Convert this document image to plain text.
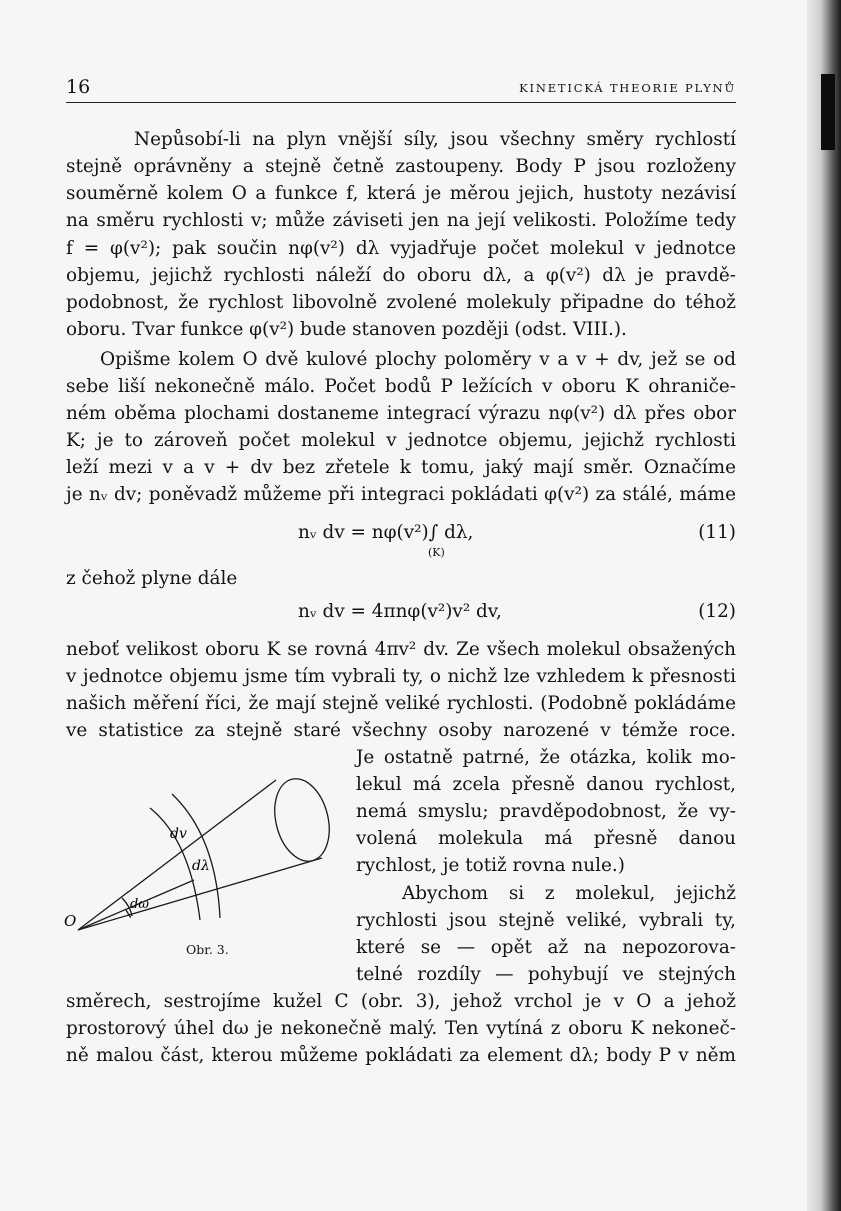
16	KINETICKÁ THEORIE PLYNŮ
Nepůsobí-li na plyn vnější síly, jsou všechny směry rychlostí
stejně oprávněny a stejně četně zastoupeny. Body P jsou rozloženy
souměrně kolem O a funkce f, která je měrou jejich, hustoty nezávisí
na směru rychlosti v; může záviseti jen na její velikosti. Položíme tedy
f = φ(v²); pak součin nφ(v²) dλ vyjadřuje počet molekul v jednotce
objemu, jejichž rychlosti náleží do oboru dλ, a φ(v²) dλ je pravdě-
podobnost, že rychlost libovolně zvolené molekuly připadne do téhož
oboru. Tvar funkce φ(v²) bude stanoven později (odst. VIII.).
Opišme kolem O dvě kulové plochy poloměry v a v + dv, jež se od
sebe liší nekonečně málo. Počet bodů P ležících v oboru K ohraniče-
ném oběma plochami dostaneme integrací výrazu nφ(v²) dλ přes obor
K; je to zároveň počet molekul v jednotce objemu, jejichž rychlosti
leží mezi v a v + dv bez zřetele k tomu, jaký mají směr. Označíme
je nᵥ dv; poněvadž můžeme při integraci pokládati φ(v²) za stálé, máme
nᵥ dv = nφ(v²)∫ dλ,
(K)
(11)
z čehož plyne dále
nᵥ dv = 4πnφ(v²)v² dv,	(12)
neboť velikost oboru K se rovná 4πv² dv. Ze všech molekul obsažených
v jednotce objemu jsme tím vybrali ty, o nichž lze vzhledem k přesnosti
našich měření říci, že mají stejně veliké rychlosti. (Podobně pokládáme
ve statistice za stejně staré všechny osoby narozené v témže roce.
Je ostatně patrné, že otázka, kolik mo-
lekul má zcela přesně danou rychlost,
nemá smyslu; pravděpodobnost, že vy-
volená molekula má přesně danou
rychlost, je totiž rovna nule.)
Abychom si z molekul, jejichž
rychlosti jsou stejně veliké, vybrali ty,
které se — opět až na nepozorova-
telné rozdíly — pohybují ve stejných
směrech, sestrojíme kužel C (obr. 3), jehož vrchol je v O a jehož
prostorový úhel dω je nekonečně malý. Ten vytíná z oboru K nekoneč-
ně malou část, kterou můžeme pokládati za element dλ; body P v něm
dv
dλ
dω
O
Obr. 3.
